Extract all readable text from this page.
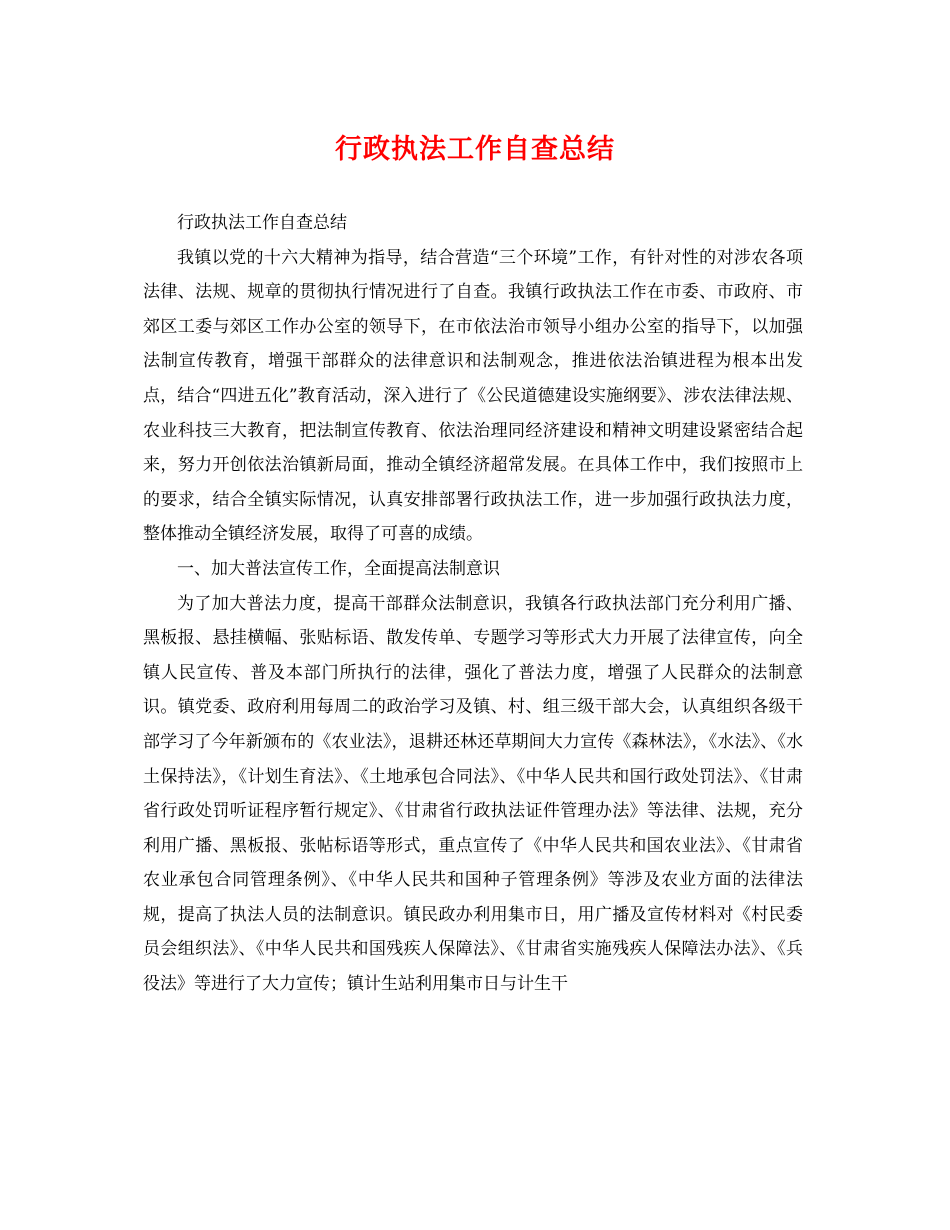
行政执法工作自查总结

行政执法工作自查总结

我镇以党的十六大精神为指导，结合营造“三个环境”工作，有针对性的对涉农各项法律、法规、规章的贯彻执行情况进行了自查。我镇行政执法工作在市委、市政府、市郊区工委与郊区工作办公室的领导下，在市依法治市领导小组办公室的指导下，以加强法制宣传教育，增强干部群众的法律意识和法制观念，推进依法治镇进程为根本出发点，结合“四进五化”教育活动，深入进行了《公民道德建设实施纲要》、涉农法律法规、农业科技三大教育，把法制宣传教育、依法治理同经济建设和精神文明建设紧密结合起来，努力开创依法治镇新局面，推动全镇经济超常发展。在具体工作中，我们按照市上的要求，结合全镇实际情况，认真安排部署行政执法工作，进一步加强行政执法力度，整体推动全镇经济发展，取得了可喜的成绩。

一、加大普法宣传工作，全面提高法制意识

为了加大普法力度，提高干部群众法制意识，我镇各行政执法部门充分利用广播、黑板报、悬挂横幅、张贴标语、散发传单、专题学习等形式大力开展了法律宣传，向全镇人民宣传、普及本部门所执行的法律，强化了普法力度，增强了人民群众的法制意识。镇党委、政府利用每周二的政治学习及镇、村、组三级干部大会，认真组织各级干部学习了今年新颁布的《农业法》，退耕还林还草期间大力宣传《森林法》，《水法》、《水土保持法》，《计划生育法》、《土地承包合同法》、《中华人民共和国行政处罚法》、《甘肃省行政处罚听证程序暂行规定》、《甘肃省行政执法证件管理办法》等法律、法规，充分利用广播、黑板报、张帖标语等形式，重点宣传了《中华人民共和国农业法》、《甘肃省农业承包合同管理条例》、《中华人民共和国种子管理条例》等涉及农业方面的法律法规，提高了执法人员的法制意识。镇民政办利用集市日，用广播及宣传材料对《村民委员会组织法》、《中华人民共和国残疾人保障法》、《甘肃省实施残疾人保障法办法》、《兵役法》等进行了大力宣传；镇计生站利用集市日与计生干
